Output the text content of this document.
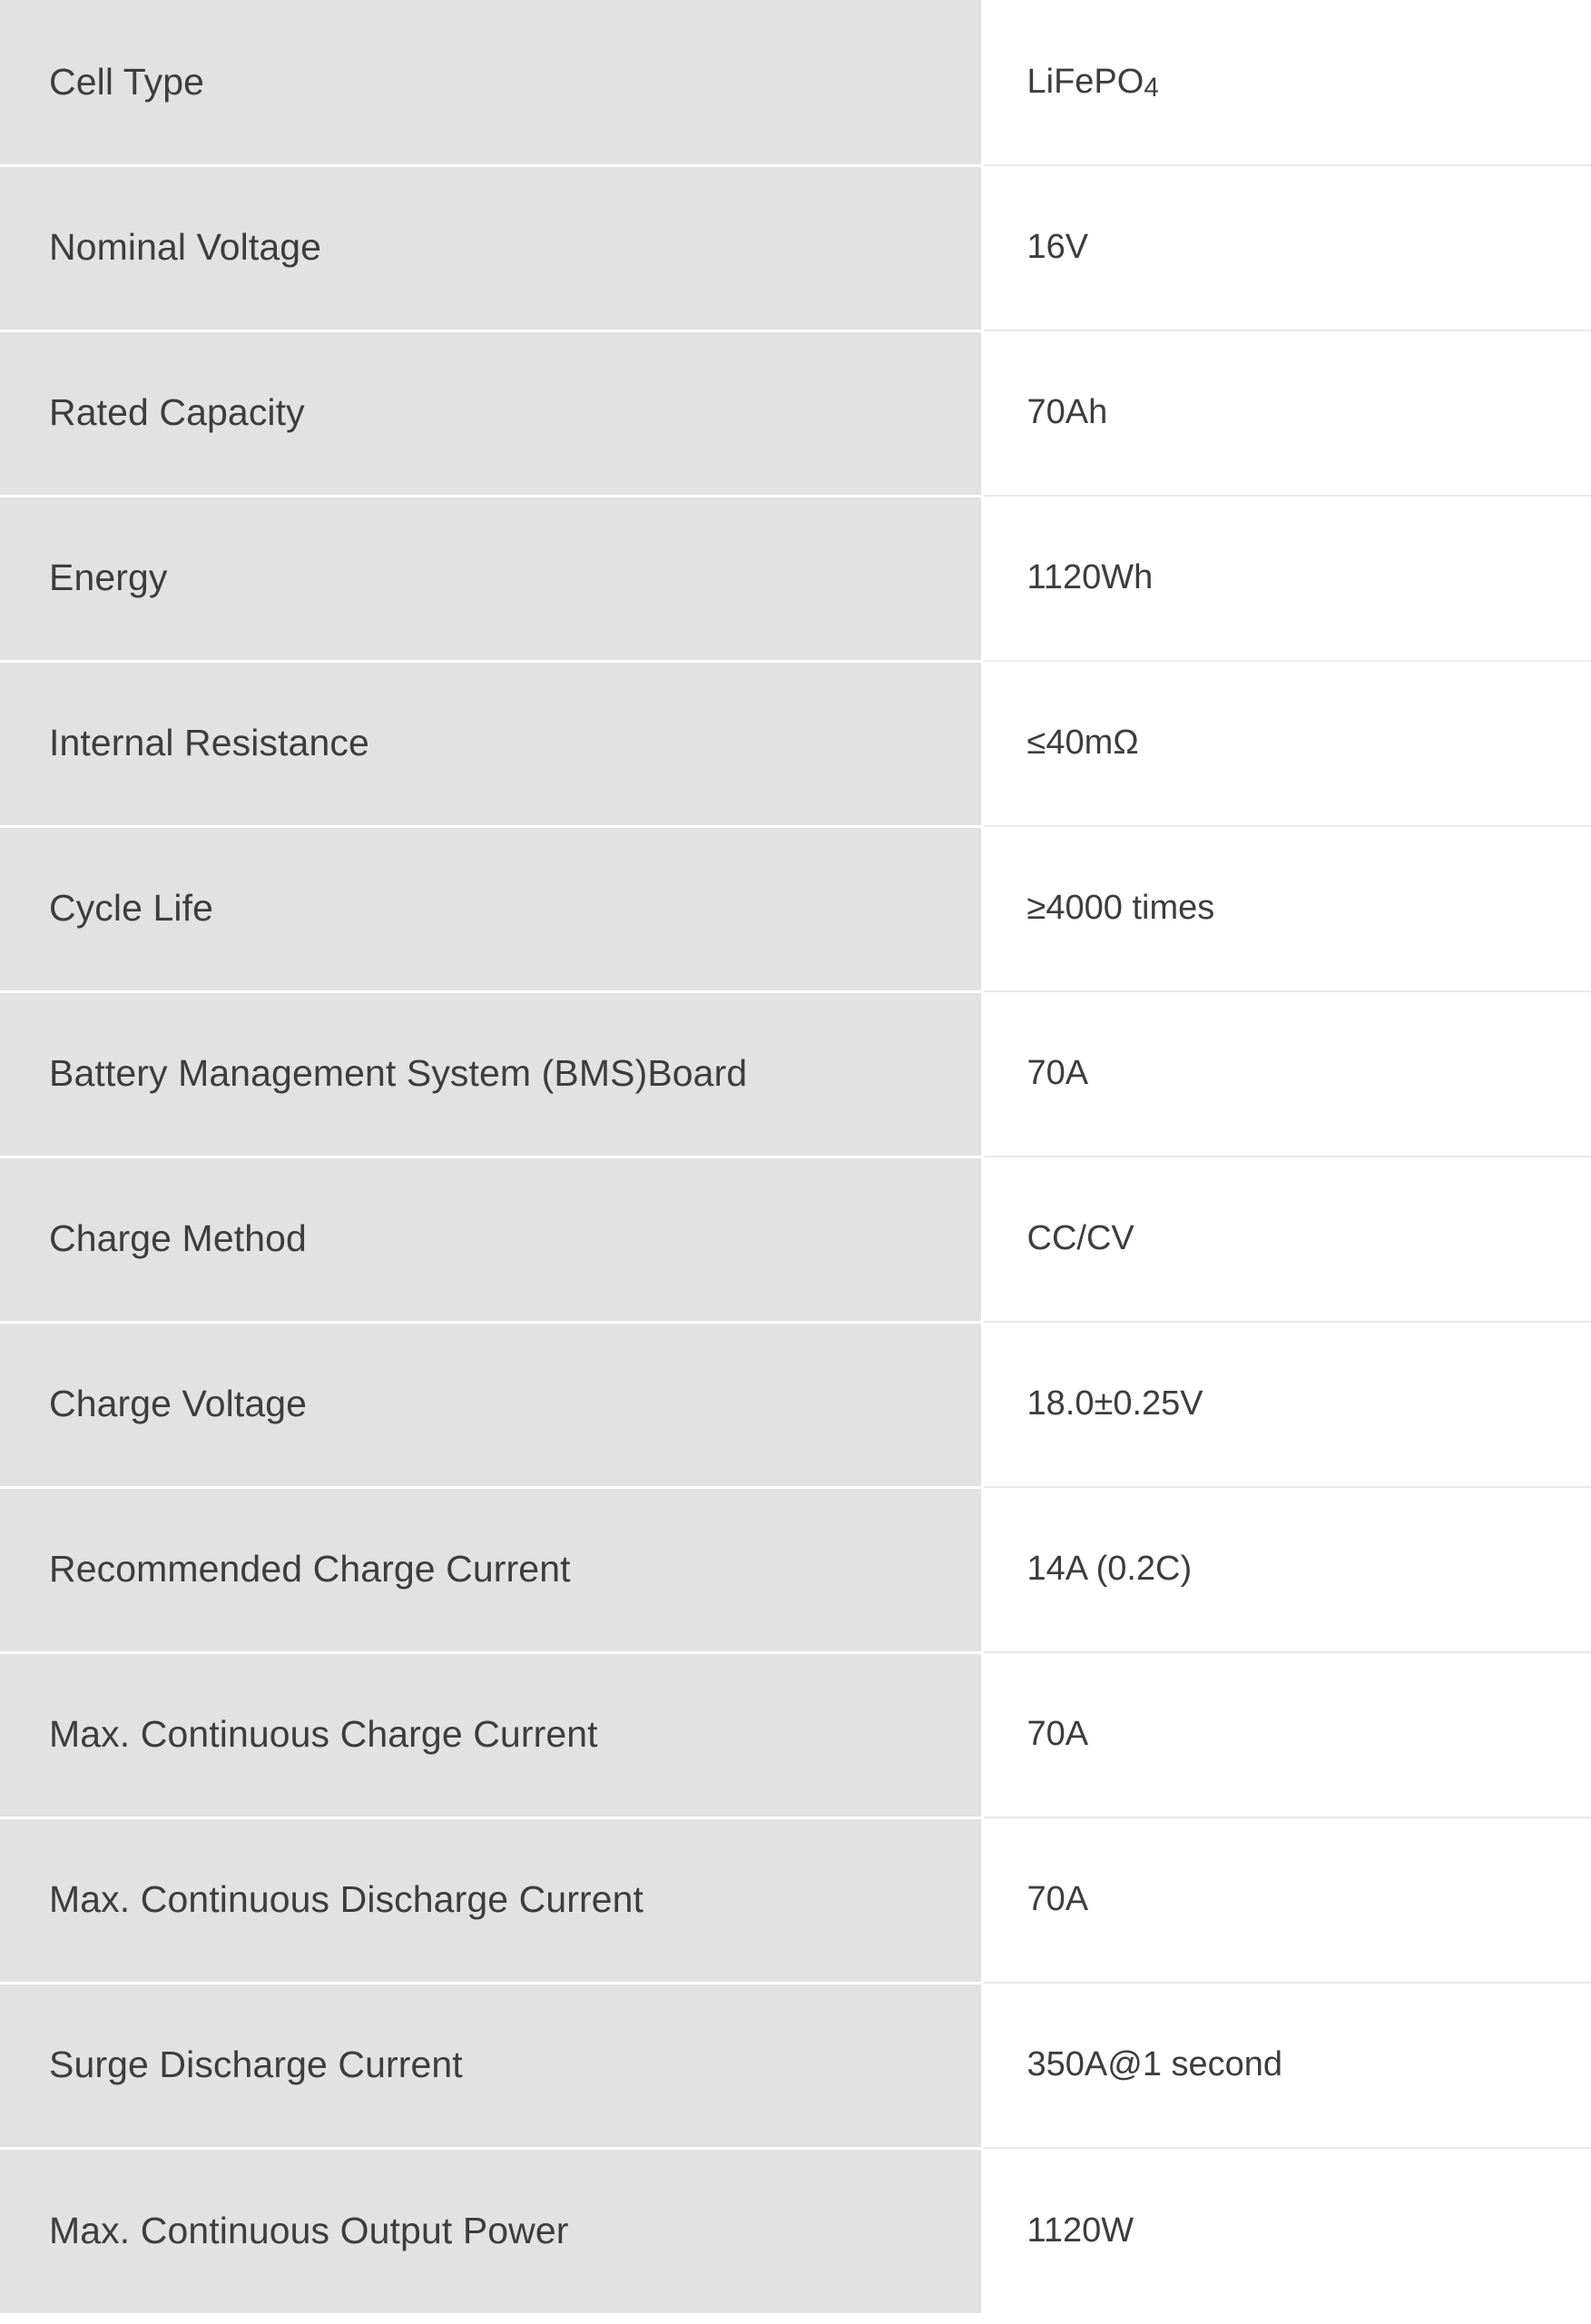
Cell Type	LiFePO4
Nominal Voltage	16V
Rated Capacity	70Ah
Energy	1120Wh
Internal Resistance	≤40mΩ
Cycle Life	≥4000 times
Battery Management System (BMS)Board	70A
Charge Method	CC/CV
Charge Voltage	18.0±0.25V
Recommended Charge Current	14A (0.2C)
Max. Continuous Charge Current	70A
Max. Continuous Discharge Current	70A
Surge Discharge Current	350A@1 second
Max. Continuous Output Power	1120W
